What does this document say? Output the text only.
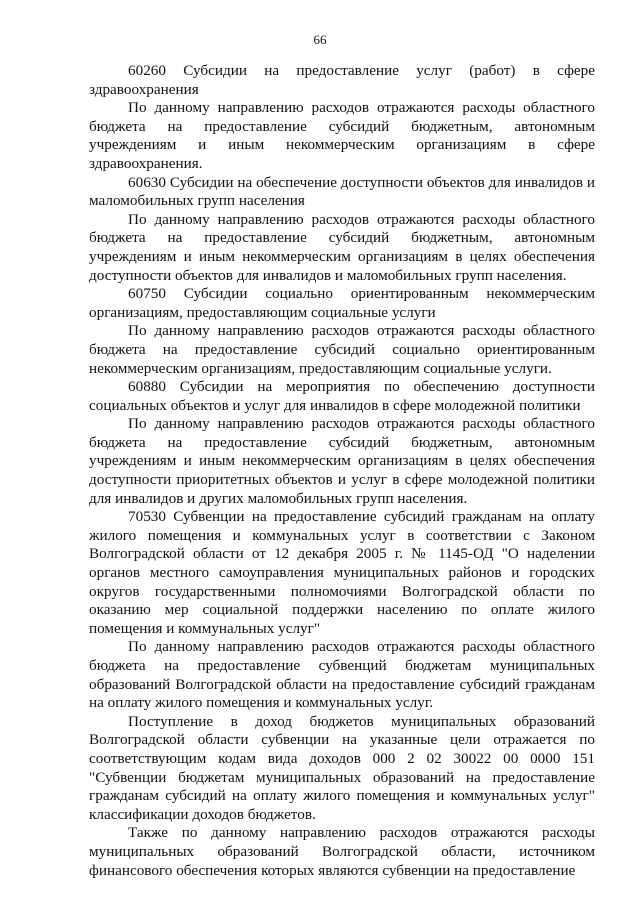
66

60260 Субсидии на предоставление услуг (работ) в сфере здравоохранения

По данному направлению расходов отражаются расходы областного бюджета на предоставление субсидий бюджетным, автономным учреждениям и иным некоммерческим организациям в сфере здравоохранения.

60630 Субсидии на обеспечение доступности объектов для инвалидов и маломобильных групп населения

По данному направлению расходов отражаются расходы областного бюджета на предоставление субсидий бюджетным, автономным учреждениям и иным некоммерческим организациям в целях обеспечения доступности объектов для инвалидов и маломобильных групп населения.

60750 Субсидии социально ориентированным некоммерческим организациям, предоставляющим социальные услуги

По данному направлению расходов отражаются расходы областного бюджета на предоставление субсидий социально ориентированным некоммерческим организациям, предоставляющим социальные услуги.

60880 Субсидии на мероприятия по обеспечению доступности социальных объектов и услуг для инвалидов в сфере молодежной политики

По данному направлению расходов отражаются расходы областного бюджета на предоставление субсидий бюджетным, автономным учреждениям и иным некоммерческим организациям в целях обеспечения доступности приоритетных объектов и услуг в сфере молодежной политики для инвалидов и других маломобильных групп населения.

70530 Субвенции на предоставление субсидий гражданам на оплату жилого помещения и коммунальных услуг в соответствии с Законом Волгоградской области от 12 декабря 2005 г. № 1145-ОД "О наделении органов местного самоуправления муниципальных районов и городских округов государственными полномочиями Волгоградской области по оказанию мер социальной поддержки населению по оплате жилого помещения и коммунальных услуг"

По данному направлению расходов отражаются расходы областного бюджета на предоставление субвенций бюджетам муниципальных образований Волгоградской области на предоставление субсидий гражданам на оплату жилого помещения и коммунальных услуг.

Поступление в доход бюджетов муниципальных образований Волгоградской области субвенции на указанные цели отражается по соответствующим кодам вида доходов 000 2 02 30022 00 0000 151 "Субвенции бюджетам муниципальных образований на предоставление гражданам субсидий на оплату жилого помещения и коммунальных услуг" классификации доходов бюджетов.

Также по данному направлению расходов отражаются расходы муниципальных образований Волгоградской области, источником финансового обеспечения которых являются субвенции на предоставление
